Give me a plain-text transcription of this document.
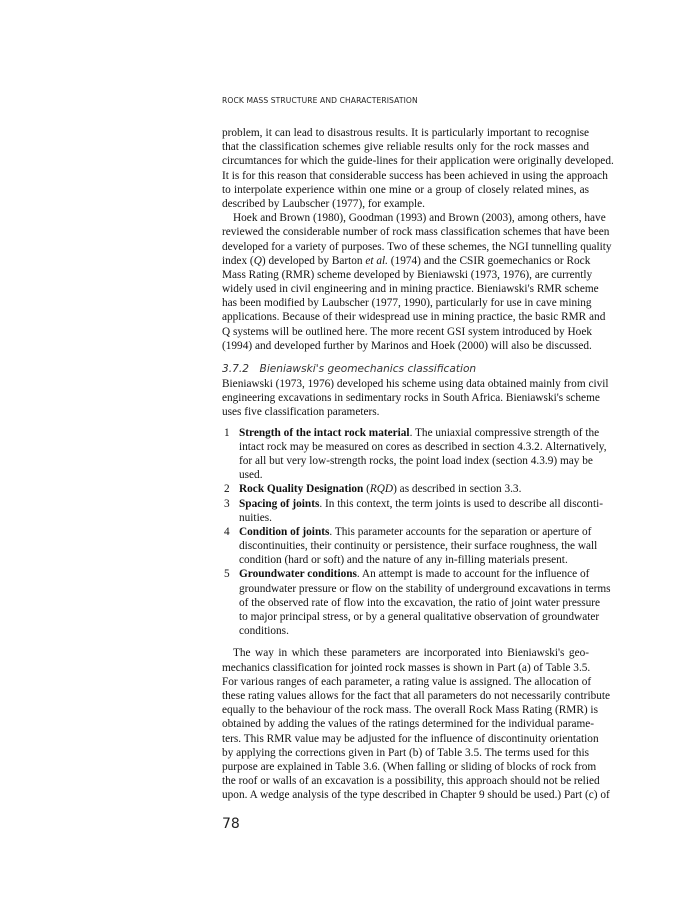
ROCK MASS STRUCTURE AND CHARACTERISATION
problem, it can lead to disastrous results. It is particularly important to recognise
that the classification schemes give reliable results only for the rock masses and
circumtances for which the guide-lines for their application were originally developed.
It is for this reason that considerable success has been achieved in using the approach
to interpolate experience within one mine or a group of closely related mines, as
described by Laubscher (1977), for example.
Hoek and Brown (1980), Goodman (1993) and Brown (2003), among others, have
reviewed the considerable number of rock mass classification schemes that have been
developed for a variety of purposes. Two of these schemes, the NGI tunnelling quality
index (Q) developed by Barton et al. (1974) and the CSIR goemechanics or Rock
Mass Rating (RMR) scheme developed by Bieniawski (1973, 1976), are currently
widely used in civil engineering and in mining practice. Bieniawski's RMR scheme
has been modified by Laubscher (1977, 1990), particularly for use in cave mining
applications. Because of their widespread use in mining practice, the basic RMR and
Q systems will be outlined here. The more recent GSI system introduced by Hoek
(1994) and developed further by Marinos and Hoek (2000) will also be discussed.
3.7.2 Bieniawski's geomechanics classification
Bieniawski (1973, 1976) developed his scheme using data obtained mainly from civil
engineering excavations in sedimentary rocks in South Africa. Bieniawski's scheme
uses five classification parameters.
1 Strength of the intact rock material. The uniaxial compressive strength of the
intact rock may be measured on cores as described in section 4.3.2. Alternatively,
for all but very low-strength rocks, the point load index (section 4.3.9) may be
used.
2 Rock Quality Designation (RQD) as described in section 3.3.
3 Spacing of joints. In this context, the term joints is used to describe all disconti-
nuities.
4 Condition of joints. This parameter accounts for the separation or aperture of
discontinuities, their continuity or persistence, their surface roughness, the wall
condition (hard or soft) and the nature of any in-filling materials present.
5 Groundwater conditions. An attempt is made to account for the influence of
groundwater pressure or flow on the stability of underground excavations in terms
of the observed rate of flow into the excavation, the ratio of joint water pressure
to major principal stress, or by a general qualitative observation of groundwater
conditions.
The way in which these parameters are incorporated into Bieniawski's geo-
mechanics classification for jointed rock masses is shown in Part (a) of Table 3.5.
For various ranges of each parameter, a rating value is assigned. The allocation of
these rating values allows for the fact that all parameters do not necessarily contribute
equally to the behaviour of the rock mass. The overall Rock Mass Rating (RMR) is
obtained by adding the values of the ratings determined for the individual parame-
ters. This RMR value may be adjusted for the influence of discontinuity orientation
by applying the corrections given in Part (b) of Table 3.5. The terms used for this
purpose are explained in Table 3.6. (When falling or sliding of blocks of rock from
the roof or walls of an excavation is a possibility, this approach should not be relied
upon. A wedge analysis of the type described in Chapter 9 should be used.) Part (c) of
78
